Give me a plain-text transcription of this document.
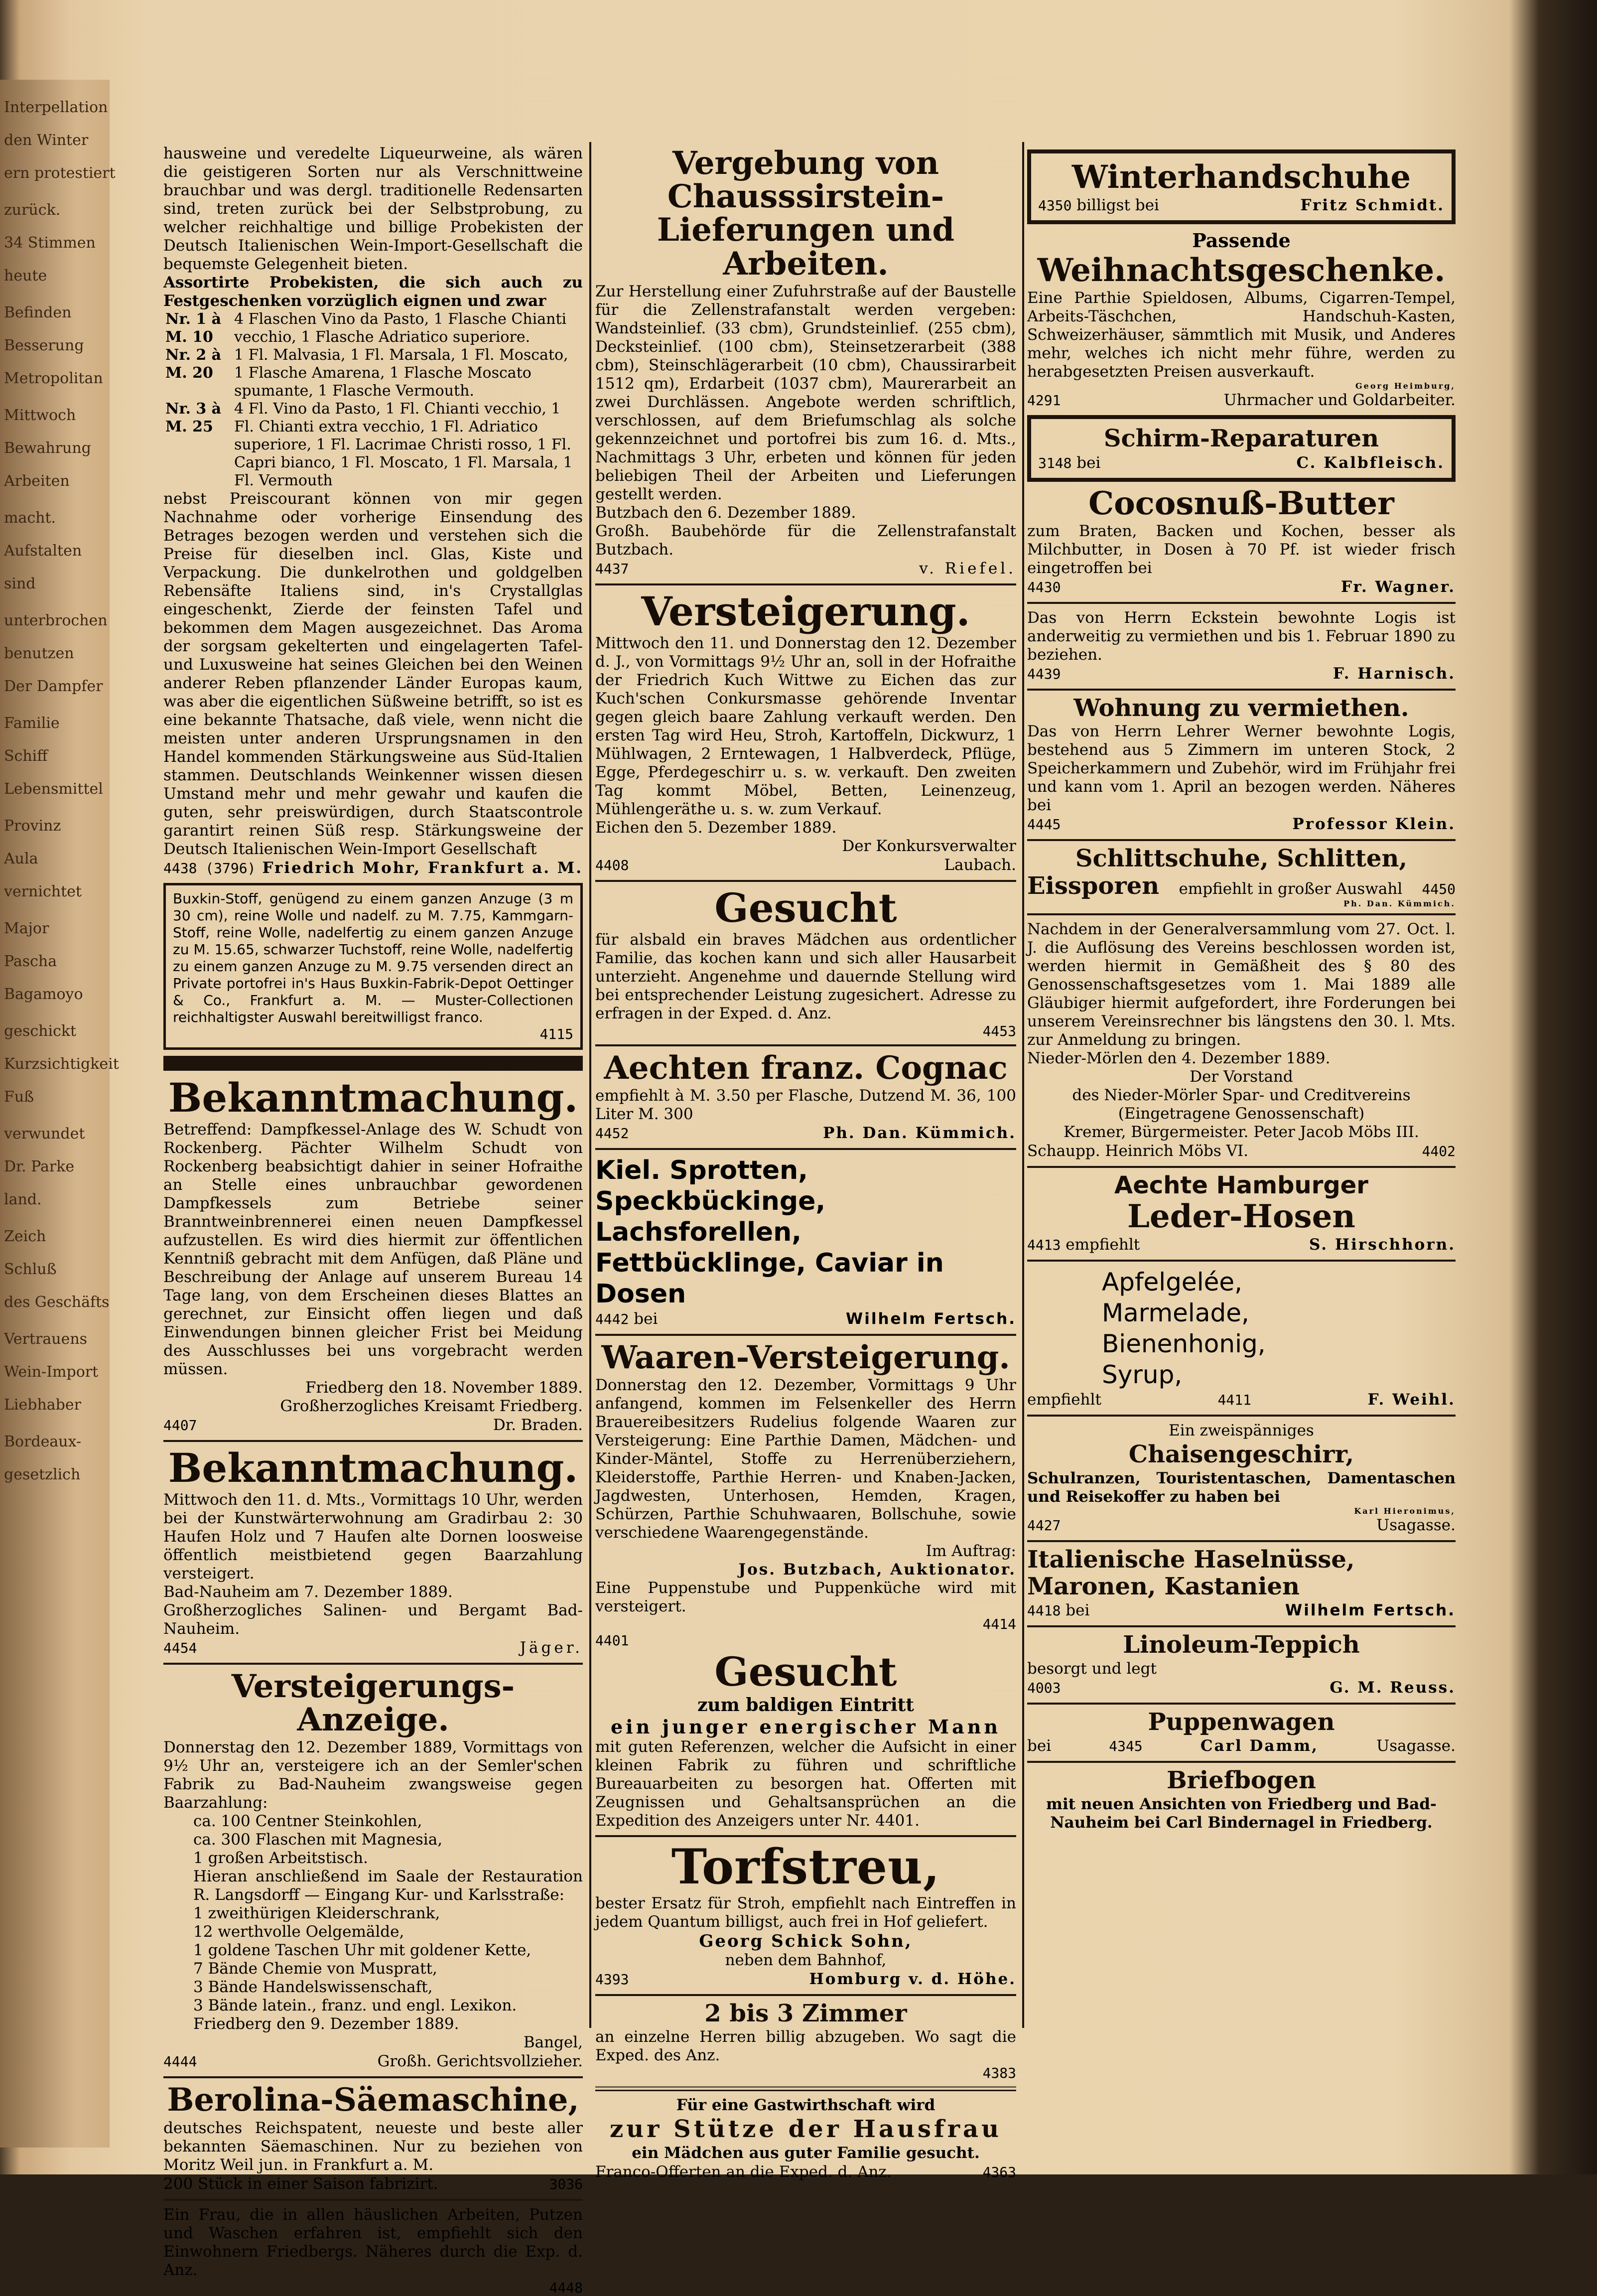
Interpellation

den Winter

ern protestiert

zurück.

34 Stimmen

heute

Befinden

Besserung

Metropolitan

Mittwoch

Bewahrung

Arbeiten

macht.

Aufstalten

sind

unterbrochen

benutzen

Der Dampfer

Familie

Schiff

Lebensmittel

Provinz

Aula

vernichtet

Major

Pascha

Bagamoyo

geschickt

Kurzsichtigkeit

Fuß

verwundet

Dr. Parke

land.

Zeich

Schluß

des Geschäfts

Vertrauens

Wein-Import

Liebhaber

Bordeaux-

gesetzlich

hausweine und veredelte Liqueurweine, als wären die geistigeren Sorten nur als Verschnittweine brauchbar und was dergl. traditionelle Redensarten sind, treten zurück bei der Selbstprobung, zu welcher reichhaltige und billige Probekisten der Deutsch Italienischen Wein-Import-Gesellschaft die bequemste Gelegenheit bieten.

Assortirte Probekisten, die sich auch zu Festgeschenken vorzüglich eignen und zwar

Nr. 1 à M. 10	4 Flaschen Vino da Pasto, 1 Flasche Chianti vecchio, 1 Flasche Adriatico superiore.
Nr. 2 à M. 20	1 Fl. Malvasia, 1 Fl. Marsala, 1 Fl. Moscato, 1 Flasche Amarena, 1 Flasche Moscato spumante, 1 Flasche Vermouth.
Nr. 3 à M. 25	4 Fl. Vino da Pasto, 1 Fl. Chianti vecchio, 1 Fl. Chianti extra vecchio, 1 Fl. Adriatico superiore, 1 Fl. Lacrimae Christi rosso, 1 Fl. Capri bianco, 1 Fl. Moscato, 1 Fl. Marsala, 1 Fl. Vermouth

nebst Preiscourant können von mir gegen Nachnahme oder vorherige Einsendung des Betrages bezogen werden und verstehen sich die Preise für dieselben incl. Glas, Kiste und Verpackung. Die dunkelrothen und goldgelben Rebensäfte Italiens sind, in's Crystallglas eingeschenkt, Zierde der feinsten Tafel und bekommen dem Magen ausgezeichnet. Das Aroma der sorgsam gekelterten und eingelagerten Tafel- und Luxusweine hat seines Gleichen bei den Weinen anderer Reben pflanzender Länder Europas kaum, was aber die eigentlichen Süßweine betrifft, so ist es eine bekannte Thatsache, daß viele, wenn nicht die meisten unter anderen Ursprungsnamen in den Handel kommenden Stärkungsweine aus Süd-Italien stammen. Deutschlands Weinkenner wissen diesen Umstand mehr und mehr gewahr und kaufen die guten, sehr preiswürdigen, durch Staatscontrole garantirt reinen Süß resp. Stärkungsweine der Deutsch Italienischen Wein-Import Gesellschaft

4438 (3796) Friedrich Mohr, Frankfurt a. M.

Buxkin-Stoff, genügend zu einem ganzen Anzuge (3 m 30 cm), reine Wolle und nadelf. zu M. 7.75, Kammgarn-Stoff, reine Wolle, nadelfertig zu einem ganzen Anzuge zu M. 15.65, schwarzer Tuchstoff, reine Wolle, nadelfertig zu einem ganzen Anzuge zu M. 9.75 versenden direct an Private portofrei in's Haus Buxkin-Fabrik-Depot Oettinger & Co., Frankfurt a. M. — Muster-Collectionen reichhaltigster Auswahl bereitwilligst franco.

4115
Bekanntmachung.

Betreffend: Dampfkessel-Anlage des W. Schudt von Rockenberg. Pächter Wilhelm Schudt von Rockenberg beabsichtigt dahier in seiner Hofraithe an Stelle eines unbrauchbar gewordenen Dampfkessels zum Betriebe seiner Branntweinbrennerei einen neuen Dampfkessel aufzustellen. Es wird dies hiermit zur öffentlichen Kenntniß gebracht mit dem Anfügen, daß Pläne und Beschreibung der Anlage auf unserem Bureau 14 Tage lang, von dem Erscheinen dieses Blattes an gerechnet, zur Einsicht offen liegen und daß Einwendungen binnen gleicher Frist bei Meidung des Ausschlusses bei uns vorgebracht werden müssen.

Friedberg den 18. November 1889.
Großherzogliches Kreisamt Friedberg.
4407	Dr. Braden.
Bekanntmachung.

Mittwoch den 11. d. Mts., Vormittags 10 Uhr, werden bei der Kunstwärterwohnung am Gradirbau 2: 30 Haufen Holz und 7 Haufen alte Dornen loosweise öffentlich meistbietend gegen Baarzahlung versteigert.

Bad-Nauheim am 7. Dezember 1889.
Großherzogliches Salinen- und Bergamt Bad-Nauheim.
4454	Jäger.
Versteigerungs-Anzeige.

Donnerstag den 12. Dezember 1889, Vormittags von 9½ Uhr an, versteigere ich an der Semler'schen Fabrik zu Bad-Nauheim zwangsweise gegen Baarzahlung:

ca. 100 Centner Steinkohlen,
ca. 300 Flaschen mit Magnesia,
1 großen Arbeitstisch.
Hieran anschließend im Saale der Restauration R. Langsdorff — Eingang Kur- und Karlsstraße:
1 zweithürigen Kleiderschrank,
12 werthvolle Oelgemälde,
1 goldene Taschen Uhr mit goldener Kette,
7 Bände Chemie von Muspratt,
3 Bände Handelswissenschaft,
3 Bände latein., franz. und engl. Lexikon.
Friedberg den 9. Dezember 1889.
Bangel,
4444	Großh. Gerichtsvollzieher.
Berolina-Säemaschine,

deutsches Reichspatent, neueste und beste aller bekannten Säemaschinen. Nur zu beziehen von Moritz Weil jun. in Frankfurt a. M.

200 Stück in einer Saison fabrizirt.	3036

Ein Frau, die in allen häuslichen Arbeiten, Putzen und Waschen erfahren ist, empfiehlt sich den Einwohnern Friedbergs. Näheres durch die Exp. d. Anz.

4448
Vergebung von Chausssirstein-Lieferungen und Arbeiten.

Zur Herstellung einer Zufuhrstraße auf der Baustelle für die Zellenstrafanstalt werden vergeben: Wandsteinlief. (33 cbm), Grundsteinlief. (255 cbm), Decksteinlief. (100 cbm), Steinsetzerarbeit (388 cbm), Steinschlägerarbeit (10 cbm), Chaussirarbeit 1512 qm), Erdarbeit (1037 cbm), Maurerarbeit an zwei Durchlässen. Angebote werden schriftlich, verschlossen, auf dem Briefumschlag als solche gekennzeichnet und portofrei bis zum 16. d. Mts., Nachmittags 3 Uhr, erbeten und können für jeden beliebigen Theil der Arbeiten und Lieferungen gestellt werden.

Butzbach den 6. Dezember 1889.
Großh. Baubehörde für die Zellenstrafanstalt Butzbach.
4437	v. Riefel.
Versteigerung.

Mittwoch den 11. und Donnerstag den 12. Dezember d. J., von Vormittags 9½ Uhr an, soll in der Hofraithe der Friedrich Kuch Wittwe zu Eichen das zur Kuch'schen Conkursmasse gehörende Inventar gegen gleich baare Zahlung verkauft werden. Den ersten Tag wird Heu, Stroh, Kartoffeln, Dickwurz, 1 Mühlwagen, 2 Erntewagen, 1 Halbverdeck, Pflüge, Egge, Pferdegeschirr u. s. w. verkauft. Den zweiten Tag kommt Möbel, Betten, Leinenzeug, Mühlengeräthe u. s. w. zum Verkauf.

Eichen den 5. Dezember 1889.
Der Konkursverwalter
4408	Laubach.
Gesucht

für alsbald ein braves Mädchen aus ordentlicher Familie, das kochen kann und sich aller Hausarbeit unterzieht. Angenehme und dauernde Stellung wird bei entsprechender Leistung zugesichert. Adresse zu erfragen in der Exped. d. Anz.

4453
Aechten franz. Cognac

empfiehlt à M. 3.50 per Flasche, Dutzend M. 36, 100 Liter M. 300

4452	Ph. Dan. Kümmich.
Kiel. Sprotten, Speckbückinge, Lachsforellen, Fettbücklinge, Caviar in Dosen
4442 bei	Wilhelm Fertsch.
Waaren-Versteigerung.

Donnerstag den 12. Dezember, Vormittags 9 Uhr anfangend, kommen im Felsenkeller des Herrn Brauereibesitzers Rudelius folgende Waaren zur Versteigerung: Eine Parthie Damen, Mädchen- und Kinder-Mäntel, Stoffe zu Herrenüberziehern, Kleiderstoffe, Parthie Herren- und Knaben-Jacken, Jagdwesten, Unterhosen, Hemden, Kragen, Schürzen, Parthie Schuhwaaren, Bollschuhe, sowie verschiedene Waarengegenstände.

Im Auftrag:
Jos. Butzbach, Auktionator.

Eine Puppenstube und Puppenküche wird mit versteigert.

4414
4401
Gesucht
zum baldigen Eintritt
ein junger energischer Mann

mit guten Referenzen, welcher die Aufsicht in einer kleinen Fabrik zu führen und schriftliche Bureauarbeiten zu besorgen hat. Offerten mit Zeugnissen und Gehaltsansprüchen an die Expedition des Anzeigers unter Nr. 4401.

Torfstreu,

bester Ersatz für Stroh, empfiehlt nach Eintreffen in jedem Quantum billigst, auch frei in Hof geliefert.

Georg Schick Sohn,
neben dem Bahnhof,
4393	Homburg v. d. Höhe.
2 bis 3 Zimmer

an einzelne Herren billig abzugeben. Wo sagt die Exped. des Anz.

4383
Für eine Gastwirthschaft wird
zur Stütze der Hausfrau
ein Mädchen aus guter Familie gesucht.
Franco-Offerten an die Exped. d. Anz.	4363
Winterhandschuhe
4350 billigst bei	Fritz Schmidt.
Passende
Weihnachtsgeschenke.

Eine Parthie Spieldosen, Albums, Cigarren-Tempel, Arbeits-Täschchen, Handschuh-Kasten, Schweizerhäuser, sämmtlich mit Musik, und Anderes mehr, welches ich nicht mehr führe, werden zu herabgesetzten Preisen ausverkauft.

Georg Heimburg,
4291	Uhrmacher und Goldarbeiter.
Schirm-Reparaturen
3148 bei	C. Kalbfleisch.
Cocosnuß-Butter

zum Braten, Backen und Kochen, besser als Milchbutter, in Dosen à 70 Pf. ist wieder frisch eingetroffen bei

4430	Fr. Wagner.

Das von Herrn Eckstein bewohnte Logis ist anderweitig zu vermiethen und bis 1. Februar 1890 zu beziehen.

4439	F. Harnisch.
Wohnung zu vermiethen.

Das von Herrn Lehrer Werner bewohnte Logis, bestehend aus 5 Zimmern im unteren Stock, 2 Speicherkammern und Zubehör, wird im Frühjahr frei und kann vom 1. April an bezogen werden. Näheres bei

4445	Professor Klein.
Schlittschuhe, Schlitten,
Eissporen empfiehlt in großer Auswahl 4450
Ph. Dan. Kümmich.

Nachdem in der Generalversammlung vom 27. Oct. l. J. die Auflösung des Vereins beschlossen worden ist, werden hiermit in Gemäßheit des § 80 des Genossenschaftsgesetzes vom 1. Mai 1889 alle Gläubiger hiermit aufgefordert, ihre Forderungen bei unserem Vereinsrechner bis längstens den 30. l. Mts. zur Anmeldung zu bringen.

Nieder-Mörlen den 4. Dezember 1889.
Der Vorstand
des Nieder-Mörler Spar- und Creditvereins
(Eingetragene Genossenschaft)
Kremer, Bürgermeister. Peter Jacob Möbs III.
Schaupp. Heinrich Möbs VI.	4402
Aechte Hamburger
Leder-Hosen
4413 empfiehlt	S. Hirschhorn.
Apfelgelée,
Marmelade,
Bienenhonig,
Syrup,
empfiehlt	4411	F. Weihl.
Ein zweispänniges
Chaisengeschirr,

Schulranzen, Touristentaschen, Damentaschen und Reisekoffer zu haben bei

Karl Hieronimus,
4427	Usagasse.
Italienische Haselnüsse,
Maronen, Kastanien
4418 bei	Wilhelm Fertsch.
Linoleum-Teppich
besorgt und legt
4003	G. M. Reuss.
Puppenwagen
bei	4345	Carl Damm,	Usagasse.
Briefbogen

mit neuen Ansichten von Friedberg und Bad-Nauheim bei Carl Bindernagel in Friedberg.
